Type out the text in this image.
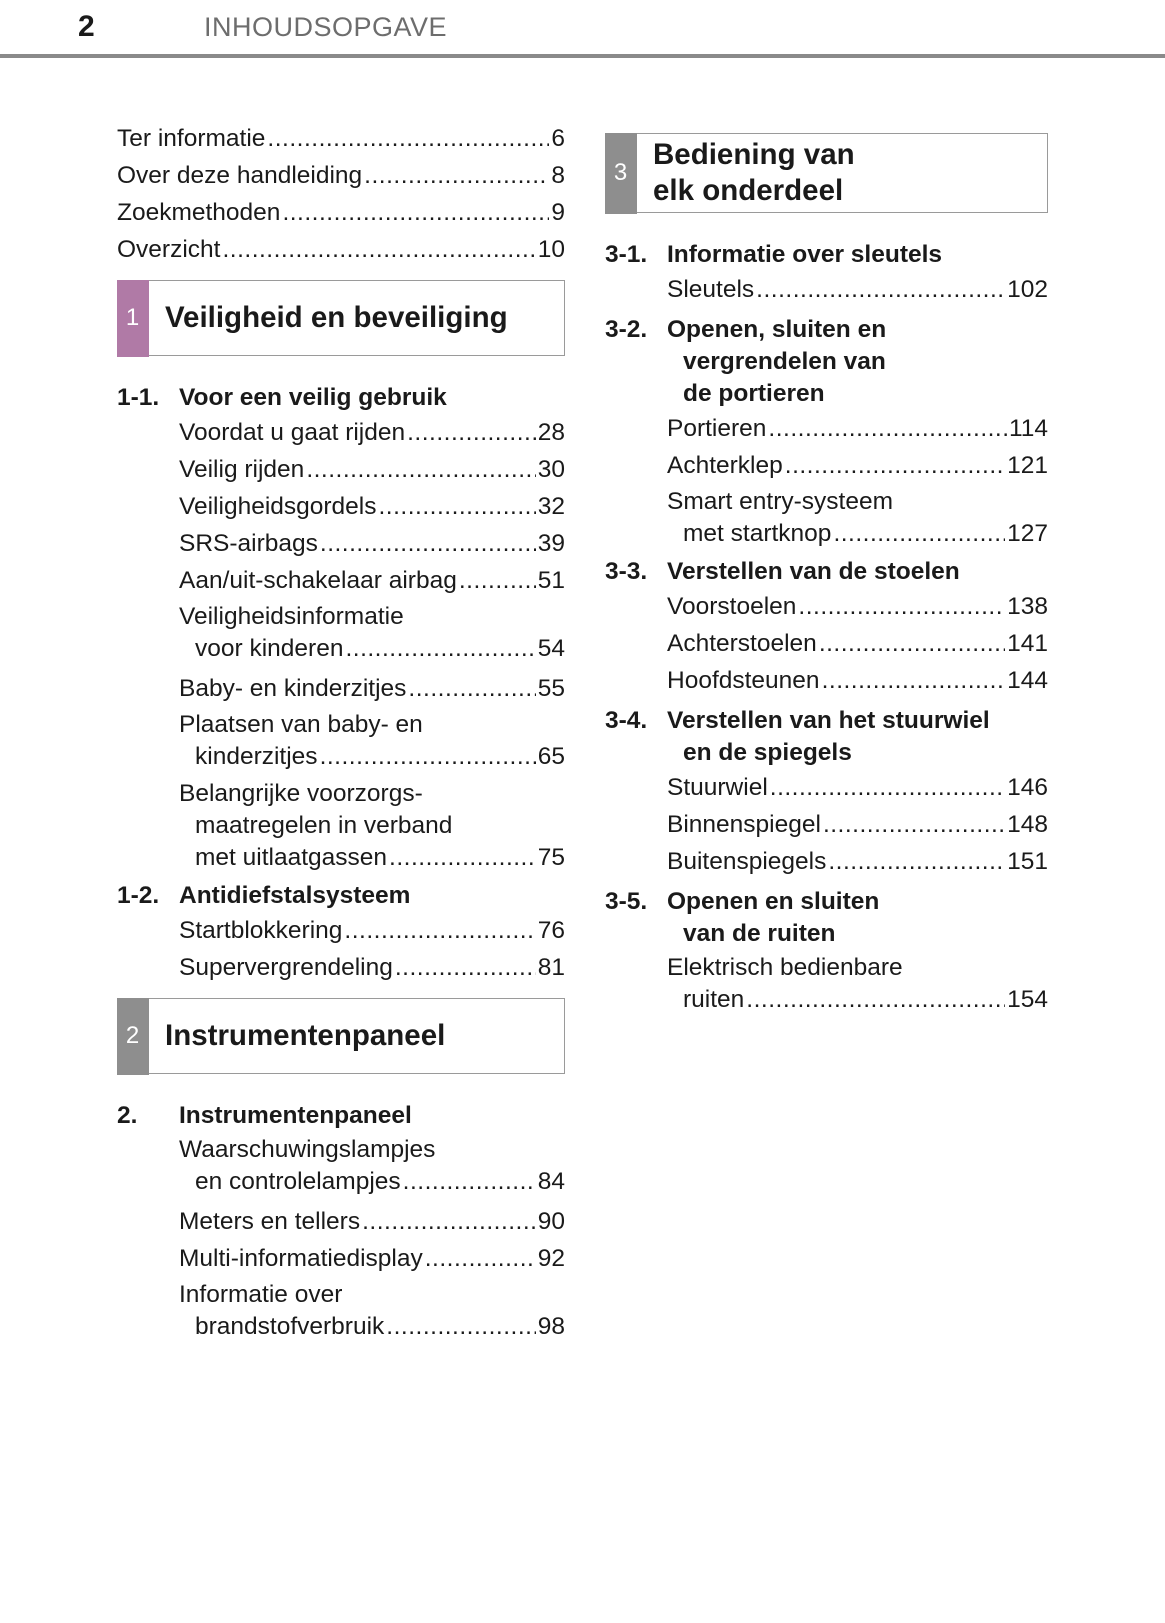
2	INHOUDSOPGAVE
Ter informatie .....	6
Over deze handleiding .....	8
Zoekmethoden .....	9
Overzicht .....	10
1 Veiligheid en beveiliging
1-1. Voor een veilig gebruik
Voordat u gaat rijden .....	28
Veilig rijden .....	30
Veiligheidsgordels .....	32
SRS-airbags .....	39
Aan/uit-schakelaar airbag .....	51
Veiligheidsinformatie
voor kinderen .....	54
Baby- en kinderzitjes .....	55
Plaatsen van baby- en
kinderzitjes .....	65
Belangrijke voorzorgs-
maatregelen in verband
met uitlaatgassen .....	75
1-2. Antidiefstalsysteem
Startblokkering .....	76
Supervergrendeling .....	81
2 Instrumentenpaneel
2.	Instrumentenpaneel
Waarschuwingslampjes
en controlelampjes .....	84
Meters en tellers .....	90
Multi-informatiedisplay .....	92
Informatie over
brandstofverbruik .....	98
3
Bediening van
elk onderdeel
3-1. Informatie over sleutels
Sleutels .....	102
3-2. Openen, sluiten en
vergrendelen van
de portieren
Portieren .....	114
Achterklep .....	121
Smart entry-systeem
met startknop .....	127
3-3. Verstellen van de stoelen
Voorstoelen .....	138
Achterstoelen .....	141
Hoofdsteunen .....	144
3-4. Verstellen van het stuurwiel
en de spiegels
Stuurwiel .....	146
Binnenspiegel .....	148
Buitenspiegels .....	151
3-5. Openen en sluiten
van de ruiten
Elektrisch bedienbare
ruiten .....	154
